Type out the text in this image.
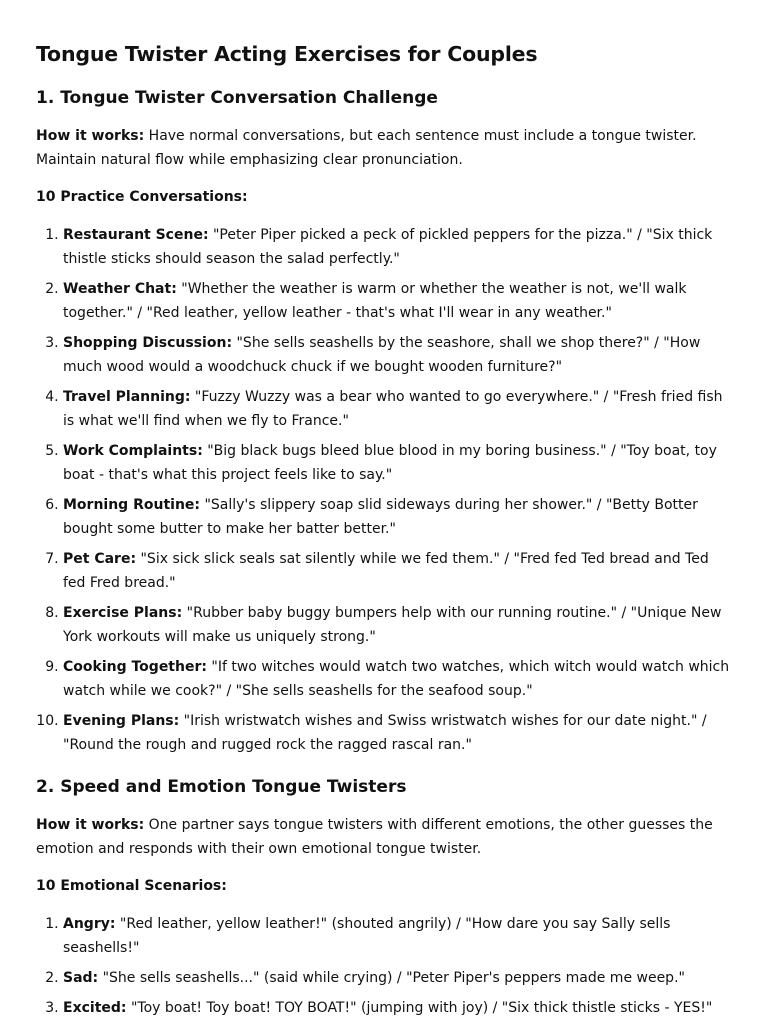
Tongue Twister Acting Exercises for Couples
1. Tongue Twister Conversation Challenge

How it works: Have normal conversations, but each sentence must include a tongue twister. Maintain natural flow while emphasizing clear pronunciation.

10 Practice Conversations:

1. Restaurant Scene: "Peter Piper picked a peck of pickled peppers for the pizza." / "Six thick thistle sticks should season the salad perfectly."
2. Weather Chat: "Whether the weather is warm or whether the weather is not, we'll walk together." / "Red leather, yellow leather - that's what I'll wear in any weather."
3. Shopping Discussion: "She sells seashells by the seashore, shall we shop there?" / "How much wood would a woodchuck chuck if we bought wooden furniture?"
4. Travel Planning: "Fuzzy Wuzzy was a bear who wanted to go everywhere." / "Fresh fried fish is what we'll find when we fly to France."
5. Work Complaints: "Big black bugs bleed blue blood in my boring business." / "Toy boat, toy boat - that's what this project feels like to say."
6. Morning Routine: "Sally's slippery soap slid sideways during her shower." / "Betty Botter bought some butter to make her batter better."
7. Pet Care: "Six sick slick seals sat silently while we fed them." / "Fred fed Ted bread and Ted fed Fred bread."
8. Exercise Plans: "Rubber baby buggy bumpers help with our running routine." / "Unique New York workouts will make us uniquely strong."
9. Cooking Together: "If two witches would watch two watches, which witch would watch which watch while we cook?" / "She sells seashells for the seafood soup."
10. Evening Plans: "Irish wristwatch wishes and Swiss wristwatch wishes for our date night." / "Round the rough and rugged rock the ragged rascal ran."
2. Speed and Emotion Tongue Twisters

How it works: One partner says tongue twisters with different emotions, the other guesses the emotion and responds with their own emotional tongue twister.

10 Emotional Scenarios:

1. Angry: "Red leather, yellow leather!" (shouted angrily) / "How dare you say Sally sells seashells!"
2. Sad: "She sells seashells..." (said while crying) / "Peter Piper's peppers made me weep."
3. Excited: "Toy boat! Toy boat! TOY BOAT!" (jumping with joy) / "Six thick thistle sticks - YES!"
